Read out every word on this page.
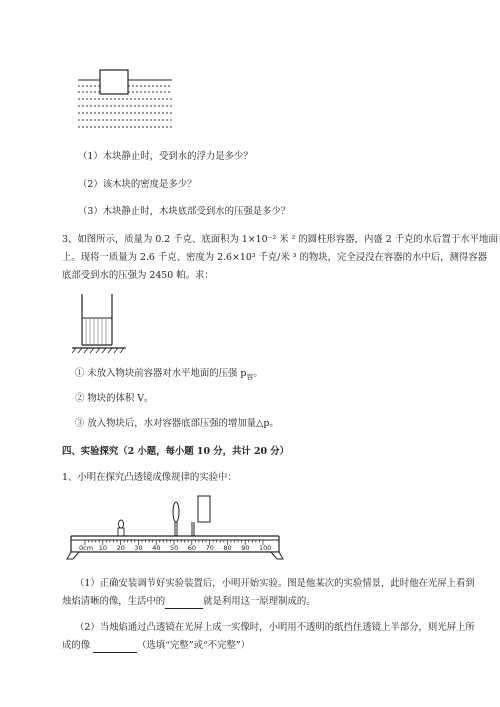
（1）木块静止时，受到水的浮力是多少？
（2）该木块的密度是多少？
（3）木块静止时，木块底部受到水的压强是多少？
3、如图所示，质量为 0.2 千克、底面积为 1×10⁻² 米 ² 的圆柱形容器，内盛 2 千克的水后置于水平地面
上。现将一质量为 2.6 千克、密度为 2.6×10³ 千克/米 ³ 的物块，完全浸没在容器的水中后，测得容器
底部受到水的压强为 2450 帕。求：
① 未放入物块前容器对水平地面的压强 $p_容$。
② 物块的体积 V。
③ 放入物块后，水对容器底部压强的增加量△p。
四、实验探究（2 小题，每小题 10 分，共计 20 分）
1、小明在探究凸透镜成像规律的实验中：
0cm 10 20 30 40 50 60 70 80 90 100
（1）正确安装调节好实验装置后，小明开始实验。图是他某次的实验情景，此时他在光屏上看到
烛焰清晰的像，生活中的	就是利用这一原理制成的。
（2）当烛焰通过凸透镜在光屏上成一实像时，小明用不透明的纸挡住透镜上半部分，则光屏上所
成的像	（选填“完整”或“不完整”）
